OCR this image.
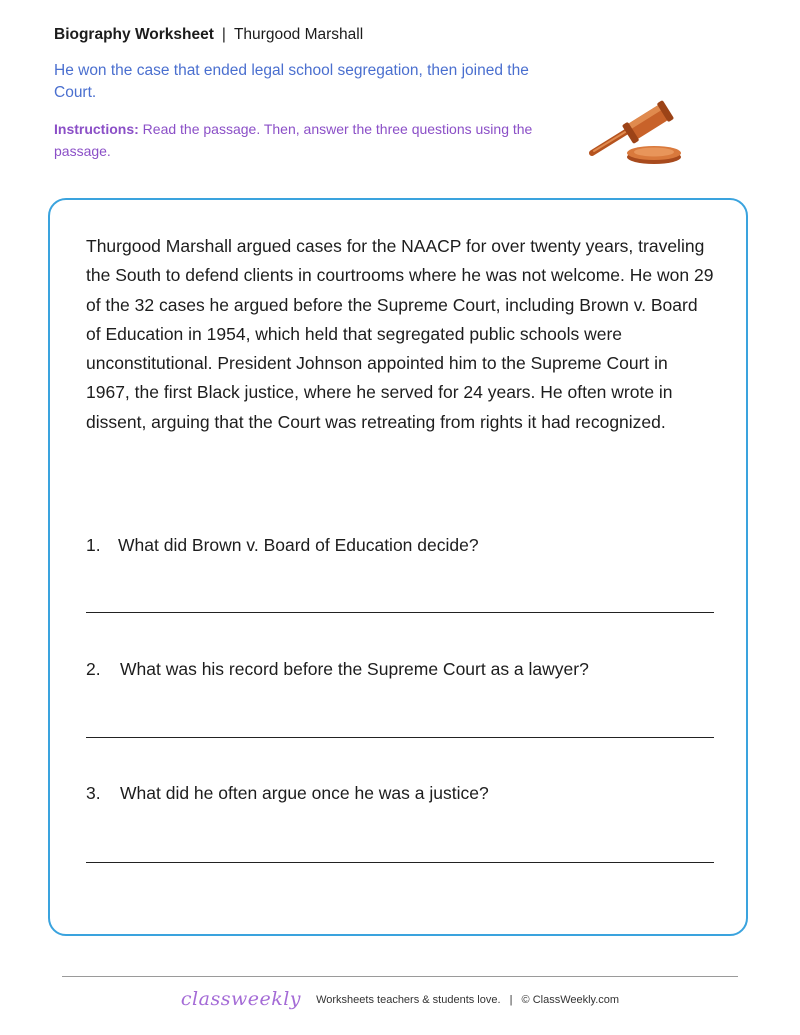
Biography Worksheet | Thurgood Marshall
He won the case that ended legal school segregation, then joined the Court.
Instructions: Read the passage. Then, answer the three questions using the passage.

Thurgood Marshall argued cases for the NAACP for over twenty years, traveling the South to defend clients in courtrooms where he was not welcome. He won 29 of the 32 cases he argued before the Supreme Court, including Brown v. Board of Education in 1954, which held that segregated public schools were unconstitutional. President Johnson appointed him to the Supreme Court in 1967, the first Black justice, where he served for 24 years. He often wrote in dissent, arguing that the Court was retreating from rights it had recognized.

1. What did Brown v. Board of Education decide?
2. What was his record before the Supreme Court as a lawyer?
3. What did he often argue once he was a justice?
classweekly Worksheets teachers & students love. | © ClassWeekly.com
